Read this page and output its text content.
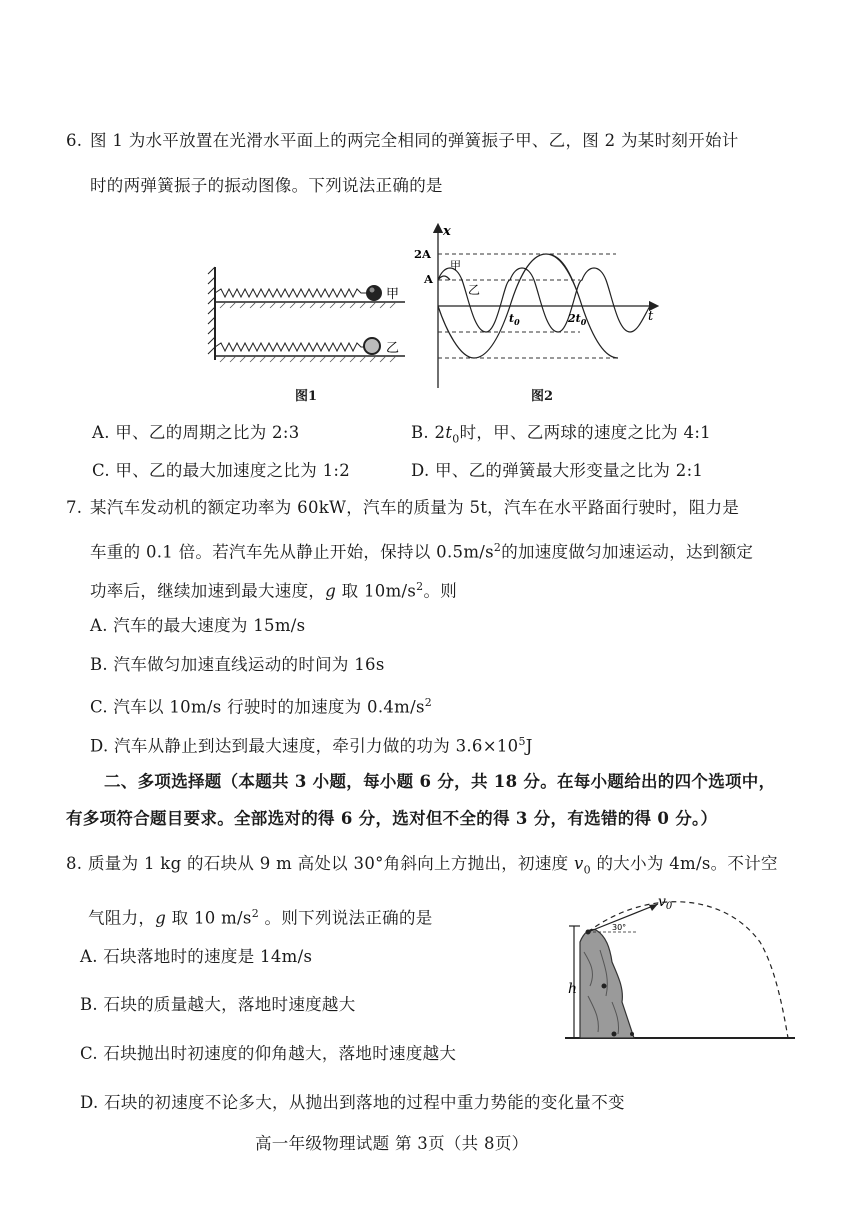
6. 图 1 为水平放置在光滑水平面上的两完全相同的弹簧振子甲、乙，图 2 为某时刻开始计
时的两弹簧振子的振动图像。下列说法正确的是
甲
乙
图1
x
t
2A
A
甲
乙
$t_0$	$2t_0$
图2
A. 甲、乙的周期之比为 2:3	B. $2t_0$时，甲、乙两球的速度之比为 4:1
C. 甲、乙的最大加速度之比为 1:2	D. 甲、乙的弹簧最大形变量之比为 2:1
7. 某汽车发动机的额定功率为 60kW，汽车的质量为 5t，汽车在水平路面行驶时，阻力是
车重的 0.1 倍。若汽车先从静止开始，保持以 $0.5m/s^2$的加速度做匀加速运动，达到额定
功率后，继续加速到最大速度，g 取 $10m/s^2$。则
A. 汽车的最大速度为 15m/s
B. 汽车做匀加速直线运动的时间为 16s
C. 汽车以 10m/s 行驶时的加速度为 $0.4m/s^2$
D. 汽车从静止到达到最大速度，牵引力做的功为 $3.6\times 10^5J$
二、多项选择题（本题共 3 小题，每小题 6 分，共 18 分。在每小题给出的四个选项中，
有多项符合题目要求。全部选对的得 6 分，选对但不全的得 3 分，有选错的得 0 分。）
8. 质量为 1 kg 的石块从 9 m 高处以 30°角斜向上方抛出，初速度 $v_0$ 的大小为 4m/s。不计空
气阻力，g 取 10 $m/s^2$ 。则下列说法正确的是
A. 石块落地时的速度是 14m/s
B. 石块的质量越大，落地时速度越大
C. 石块抛出时初速度的仰角越大，落地时速度越大
D. 石块的初速度不论多大，从抛出到落地的过程中重力势能的变化量不变
h
$v_0$
30°
高一年级物理试题 第 3页（共 8页）
